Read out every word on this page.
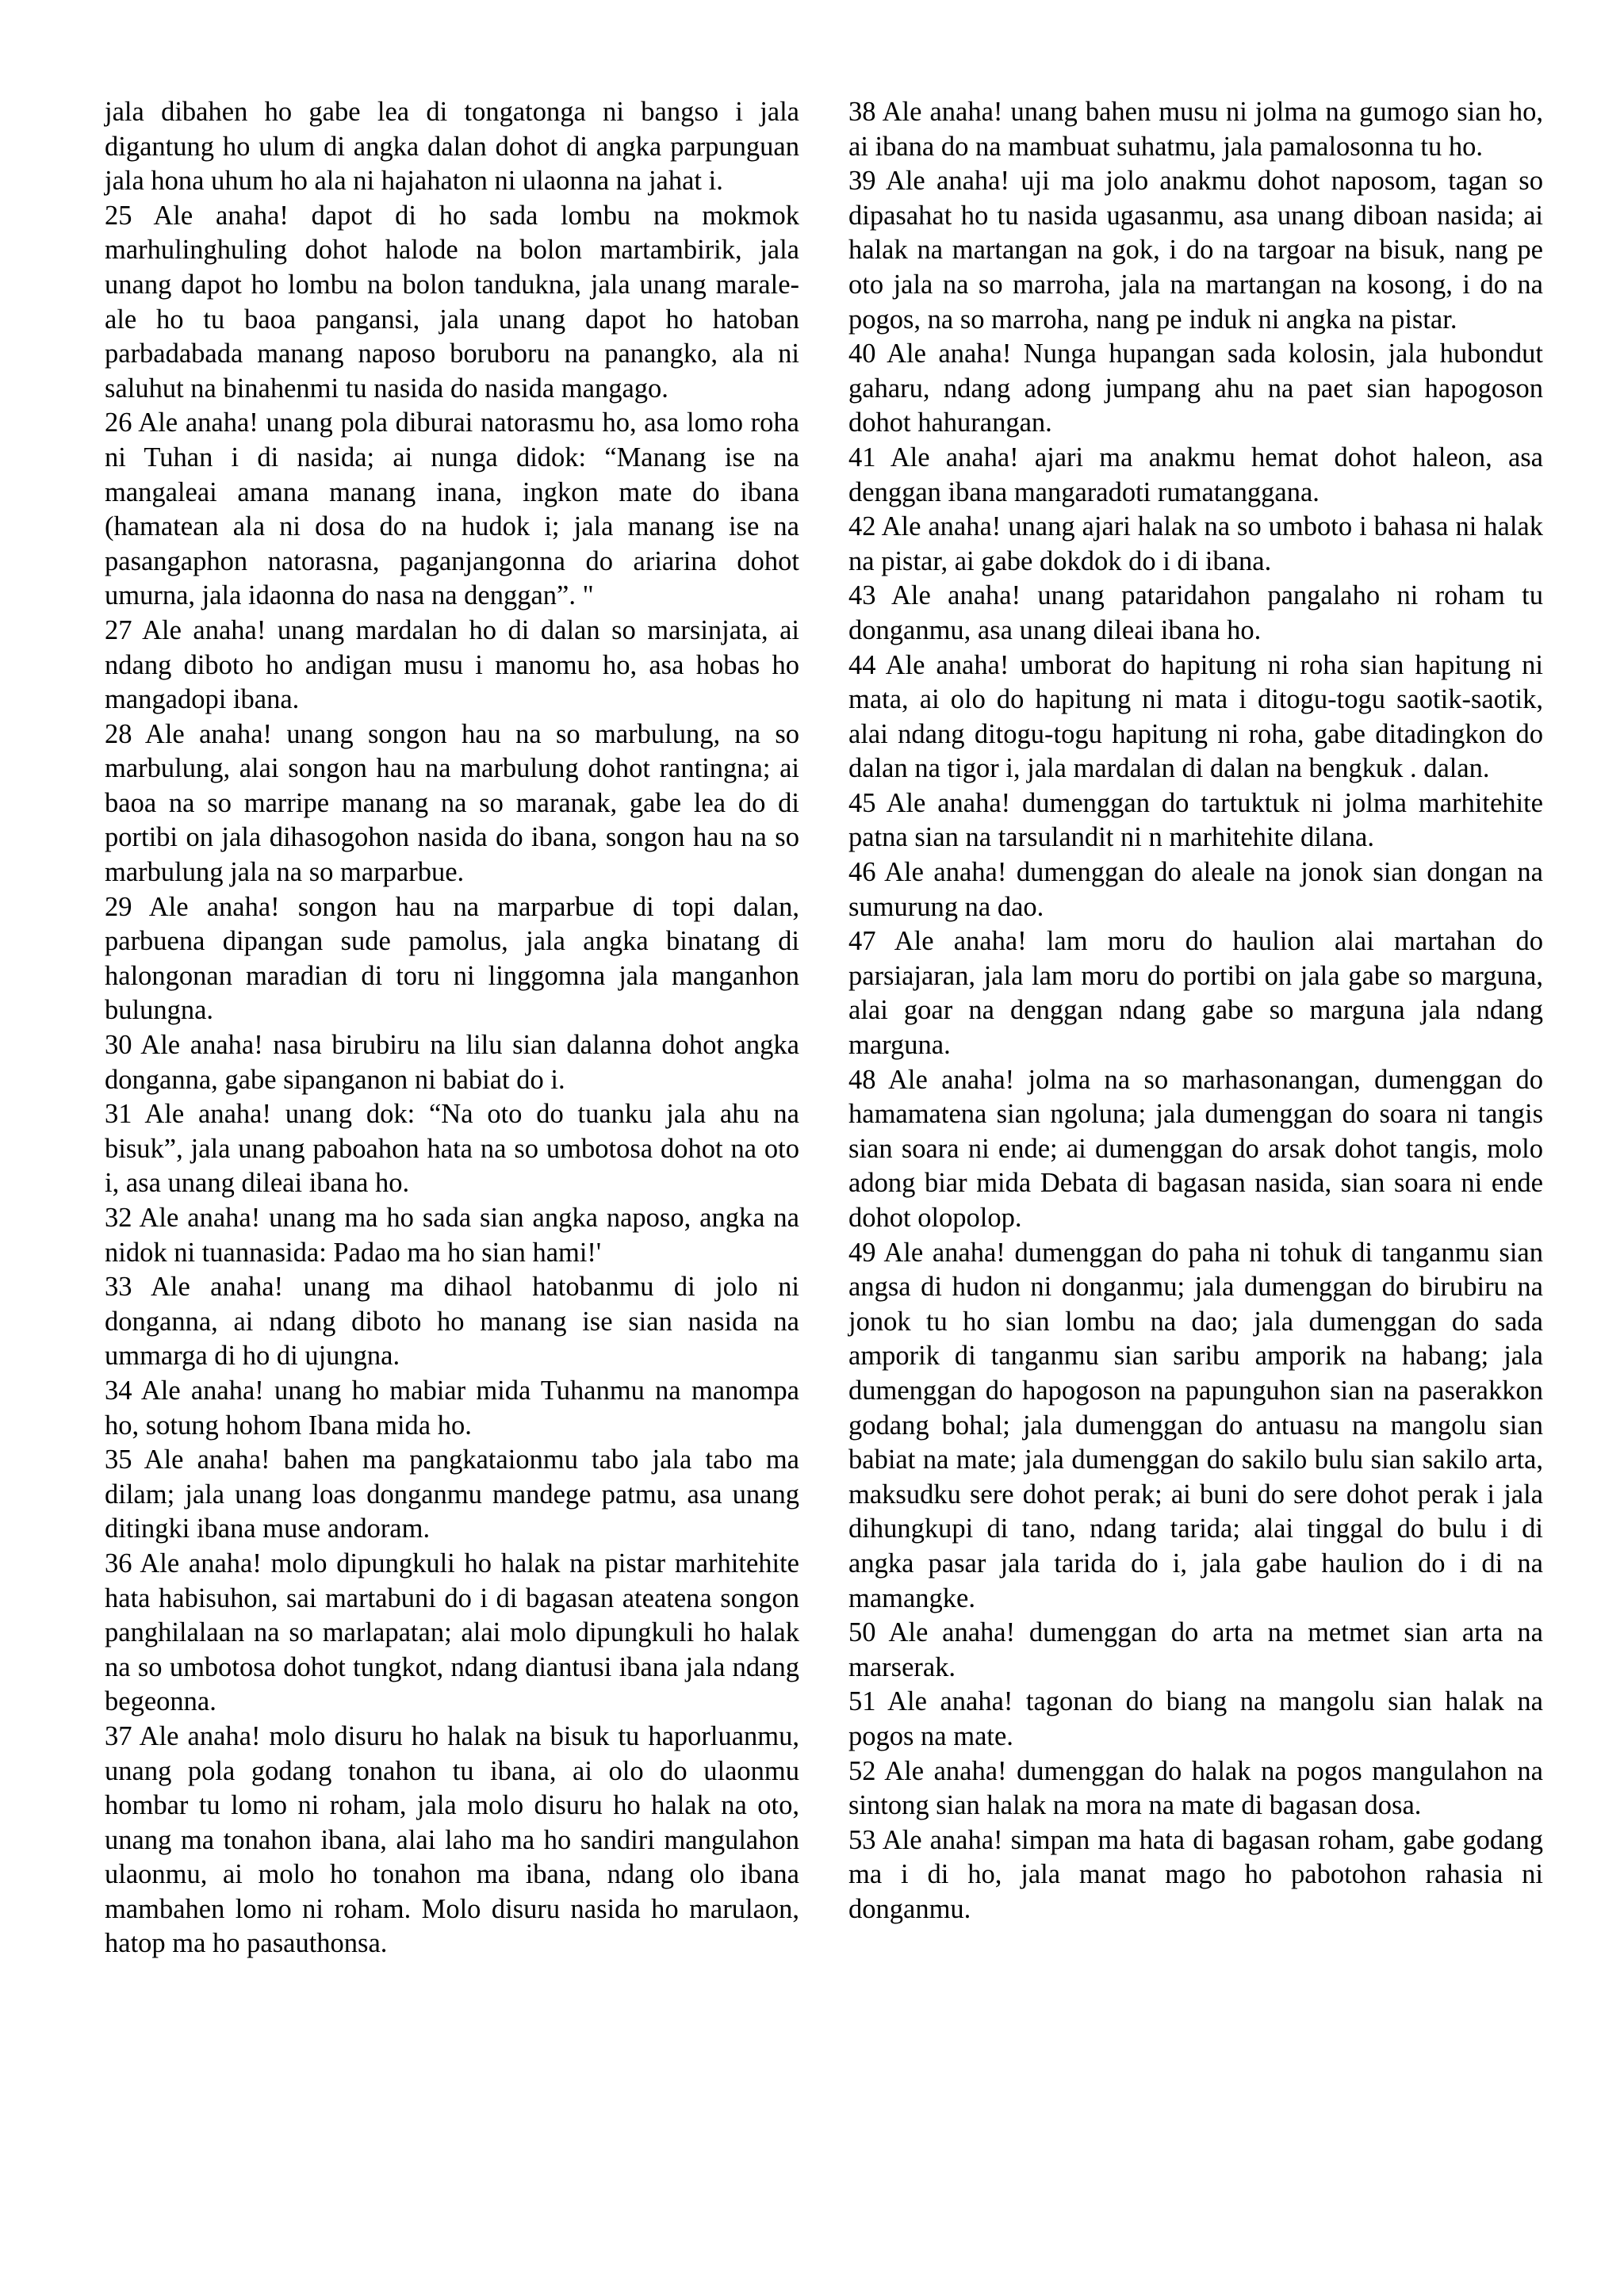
jala dibahen ho gabe lea di tongatonga ni bangso i jala digantung ho ulum di angka dalan dohot di angka parpunguan jala hona uhum ho ala ni hajahaton ni ulaonna na jahat i.

25 Ale anaha! dapot di ho sada lombu na mokmok marhulinghuling dohot halode na bolon martambirik, jala unang dapot ho lombu na bolon tandukna, jala unang marale-ale ho tu baoa pangansi, jala unang dapot ho hatoban parbadabada manang naposo boruboru na panangko, ala ni saluhut na binahenmi tu nasida do nasida mangago.

26 Ale anaha! unang pola diburai natorasmu ho, asa lomo roha ni Tuhan i di nasida; ai nunga didok: “Manang ise na mangaleai amana manang inana, ingkon mate do ibana (hamatean ala ni dosa do na hudok i; jala manang ise na pasangaphon natorasna, paganjangonna do ariarina dohot umurna, jala idaonna do nasa na denggan”. "

27 Ale anaha! unang mardalan ho di dalan so marsinjata, ai ndang diboto ho andigan musu i manomu ho, asa hobas ho mangadopi ibana.

28 Ale anaha! unang songon hau na so marbulung, na so marbulung, alai songon hau na marbulung dohot rantingna; ai baoa na so marripe manang na so maranak, gabe lea do di portibi on jala dihasogohon nasida do ibana, songon hau na so marbulung jala na so marparbue.

29 Ale anaha! songon hau na marparbue di topi dalan, parbuena dipangan sude pamolus, jala angka binatang di halongonan maradian di toru ni linggomna jala manganhon bulungna.

30 Ale anaha! nasa birubiru na lilu sian dalanna dohot angka donganna, gabe sipanganon ni babiat do i.

31 Ale anaha! unang dok: “Na oto do tuanku jala ahu na bisuk”, jala unang paboahon hata na so umbotosa dohot na oto i, asa unang dileai ibana ho.

32 Ale anaha! unang ma ho sada sian angka naposo, angka na nidok ni tuannasida: Padao ma ho sian hami!'

33 Ale anaha! unang ma dihaol hatobanmu di jolo ni donganna, ai ndang diboto ho manang ise sian nasida na ummarga di ho di ujungna.

34 Ale anaha! unang ho mabiar mida Tuhanmu na manompa ho, sotung hohom Ibana mida ho.

35 Ale anaha! bahen ma pangkataionmu tabo jala tabo ma dilam; jala unang loas donganmu mandege patmu, asa unang ditingki ibana muse andoram.

36 Ale anaha! molo dipungkuli ho halak na pistar marhitehite hata habisuhon, sai martabuni do i di bagasan ateatena songon panghilalaan na so marlapatan; alai molo dipungkuli ho halak na so umbotosa dohot tungkot, ndang diantusi ibana jala ndang begeonna.

37 Ale anaha! molo disuru ho halak na bisuk tu haporluanmu, unang pola godang tonahon tu ibana, ai olo do ulaonmu hombar tu lomo ni roham, jala molo disuru ho halak na oto, unang ma tonahon ibana, alai laho ma ho sandiri mangulahon ulaonmu, ai molo ho tonahon ma ibana, ndang olo ibana mambahen lomo ni roham. Molo disuru nasida ho marulaon, hatop ma ho pasauthonsa.

38 Ale anaha! unang bahen musu ni jolma na gumogo sian ho, ai ibana do na mambuat suhatmu, jala pamalosonna tu ho.

39 Ale anaha! uji ma jolo anakmu dohot naposom, tagan so dipasahat ho tu nasida ugasanmu, asa unang diboan nasida; ai halak na martangan na gok, i do na targoar na bisuk, nang pe oto jala na so marroha, jala na martangan na kosong, i do na pogos, na so marroha, nang pe induk ni angka na pistar.

40 Ale anaha! Nunga hupangan sada kolosin, jala hubondut gaharu, ndang adong jumpang ahu na paet sian hapogoson dohot hahurangan.

41 Ale anaha! ajari ma anakmu hemat dohot haleon, asa denggan ibana mangaradoti rumatanggana.

42 Ale anaha! unang ajari halak na so umboto i bahasa ni halak na pistar, ai gabe dokdok do i di ibana.

43 Ale anaha! unang pataridahon pangalaho ni roham tu donganmu, asa unang dileai ibana ho.

44 Ale anaha! umborat do hapitung ni roha sian hapitung ni mata, ai olo do hapitung ni mata i ditogu-togu saotik-saotik, alai ndang ditogu-togu hapitung ni roha, gabe ditadingkon do dalan na tigor i, jala mardalan di dalan na bengkuk . dalan.

45 Ale anaha! dumenggan do tartuktuk ni jolma marhitehite patna sian na tarsulandit ni n marhitehite dilana.

46 Ale anaha! dumenggan do aleale na jonok sian dongan na sumurung na dao.

47 Ale anaha! lam moru do haulion alai martahan do parsiajaran, jala lam moru do portibi on jala gabe so marguna, alai goar na denggan ndang gabe so marguna jala ndang marguna.

48 Ale anaha! jolma na so marhasonangan, dumenggan do hamamatena sian ngoluna; jala dumenggan do soara ni tangis sian soara ni ende; ai dumenggan do arsak dohot tangis, molo adong biar mida Debata di bagasan nasida, sian soara ni ende dohot olopolop.

49 Ale anaha! dumenggan do paha ni tohuk di tanganmu sian angsa di hudon ni donganmu; jala dumenggan do birubiru na jonok tu ho sian lombu na dao; jala dumenggan do sada amporik di tanganmu sian saribu amporik na habang; jala dumenggan do hapogoson na papunguhon sian na paserakkon godang bohal; jala dumenggan do antuasu na mangolu sian babiat na mate; jala dumenggan do sakilo bulu sian sakilo arta, maksudku sere dohot perak; ai buni do sere dohot perak i jala dihungkupi di tano, ndang tarida; alai tinggal do bulu i di angka pasar jala tarida do i, jala gabe haulion do i di na mamangke.

50 Ale anaha! dumenggan do arta na metmet sian arta na marserak.

51 Ale anaha! tagonan do biang na mangolu sian halak na pogos na mate.

52 Ale anaha! dumenggan do halak na pogos mangulahon na sintong sian halak na mora na mate di bagasan dosa.

53 Ale anaha! simpan ma hata di bagasan roham, gabe godang ma i di ho, jala manat mago ho pabotohon rahasia ni donganmu.
